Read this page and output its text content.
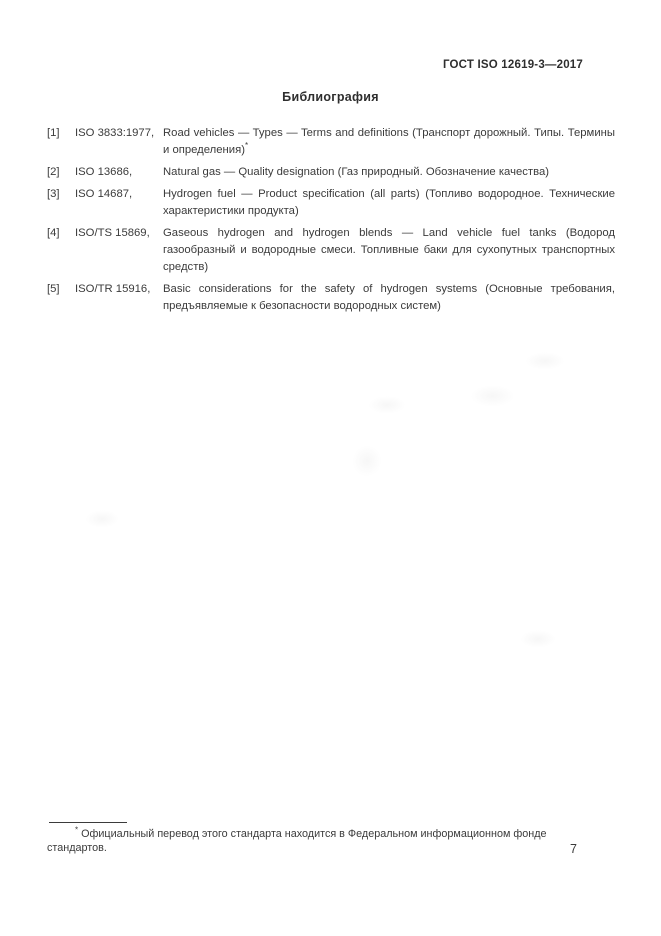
ГОСТ ISO 12619-3—2017
Библиография
[1]	ISO 3833:1977, Road vehicles — Types — Terms and definitions (Транспорт дорожный. Типы. Термины и определения)*
[2]	ISO 13686,	Natural gas — Quality designation (Газ природный. Обозначение качества)
[3]	ISO 14687,	Hydrogen fuel — Product specification (all parts) (Топливо водородное. Технические характеристики продукта)
[4]	ISO/TS 15869,	Gaseous hydrogen and hydrogen blends — Land vehicle fuel tanks (Водород газообразный и водородные смеси. Топливные баки для сухопутных транспортных средств)
[5]	ISO/TR 15916,	Basic considerations for the safety of hydrogen systems (Основные требования, предъявляемые к безопасности водородных систем)
* Официальный перевод этого стандарта находится в Федеральном информационном фонде стандартов.	7
